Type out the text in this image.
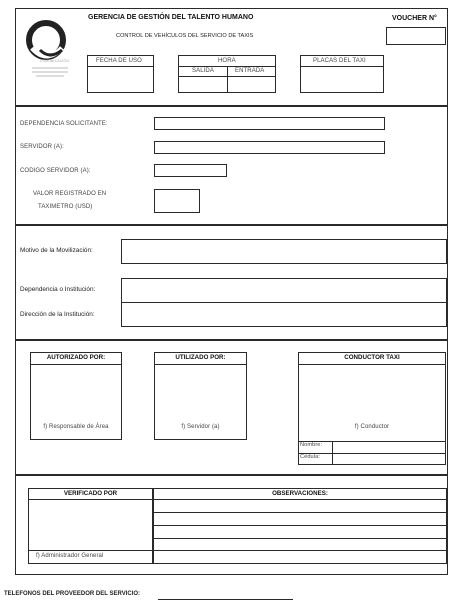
COMUNICACIÓN
GERENCIA DE GESTIÓN DEL TALENTO HUMANO
CONTROL DE VEHÍCULOS DEL SERVICIO DE TAXIS
VOUCHER N°
FECHA DE USO	HORA
SALIDA	ENTRADA
PLACAS DEL TAXI
DEPENDENCIA SOLICITANTE:
SERVIDOR (A):
CODIGO SERVIDOR (A):
VALOR REGISTRADO EN
TAXIMETRO (USD)
Motivo de la Movilización:
Dependencia o Institución:
Dirección de la Institución:
AUTORIZADO POR:
f) Responsable de Área
UTILIZADO POR:
f) Servidor (a)
CONDUCTOR TAXI
f) Conductor
Nombre:
Cédula:
VERIFICADO POR
f) Administrador General
OBSERVACIONES:
TELEFONOS DEL PROVEEDOR DEL SERVICIO:
